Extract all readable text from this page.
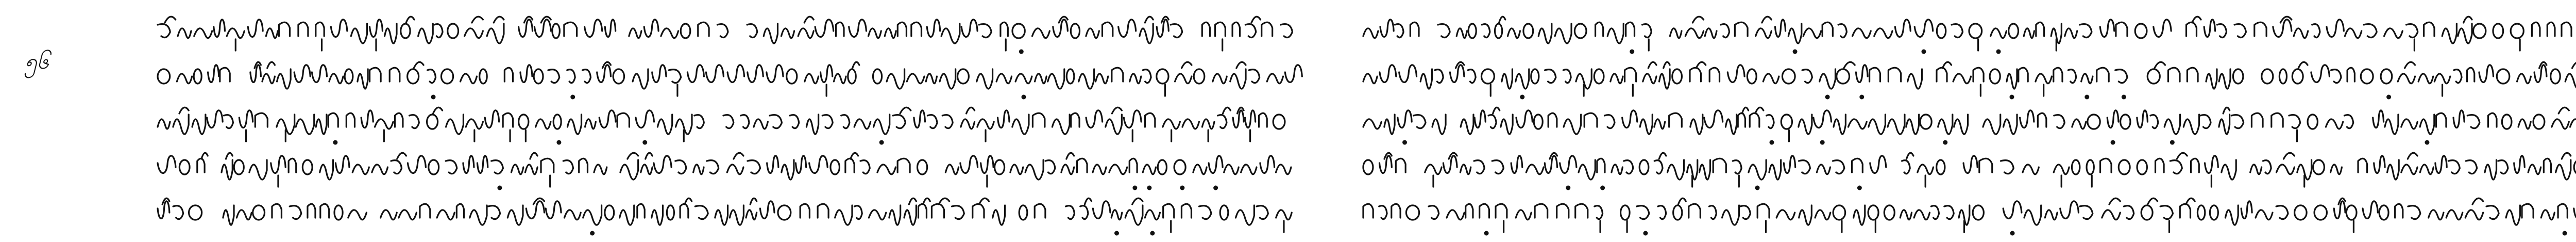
၅၆
